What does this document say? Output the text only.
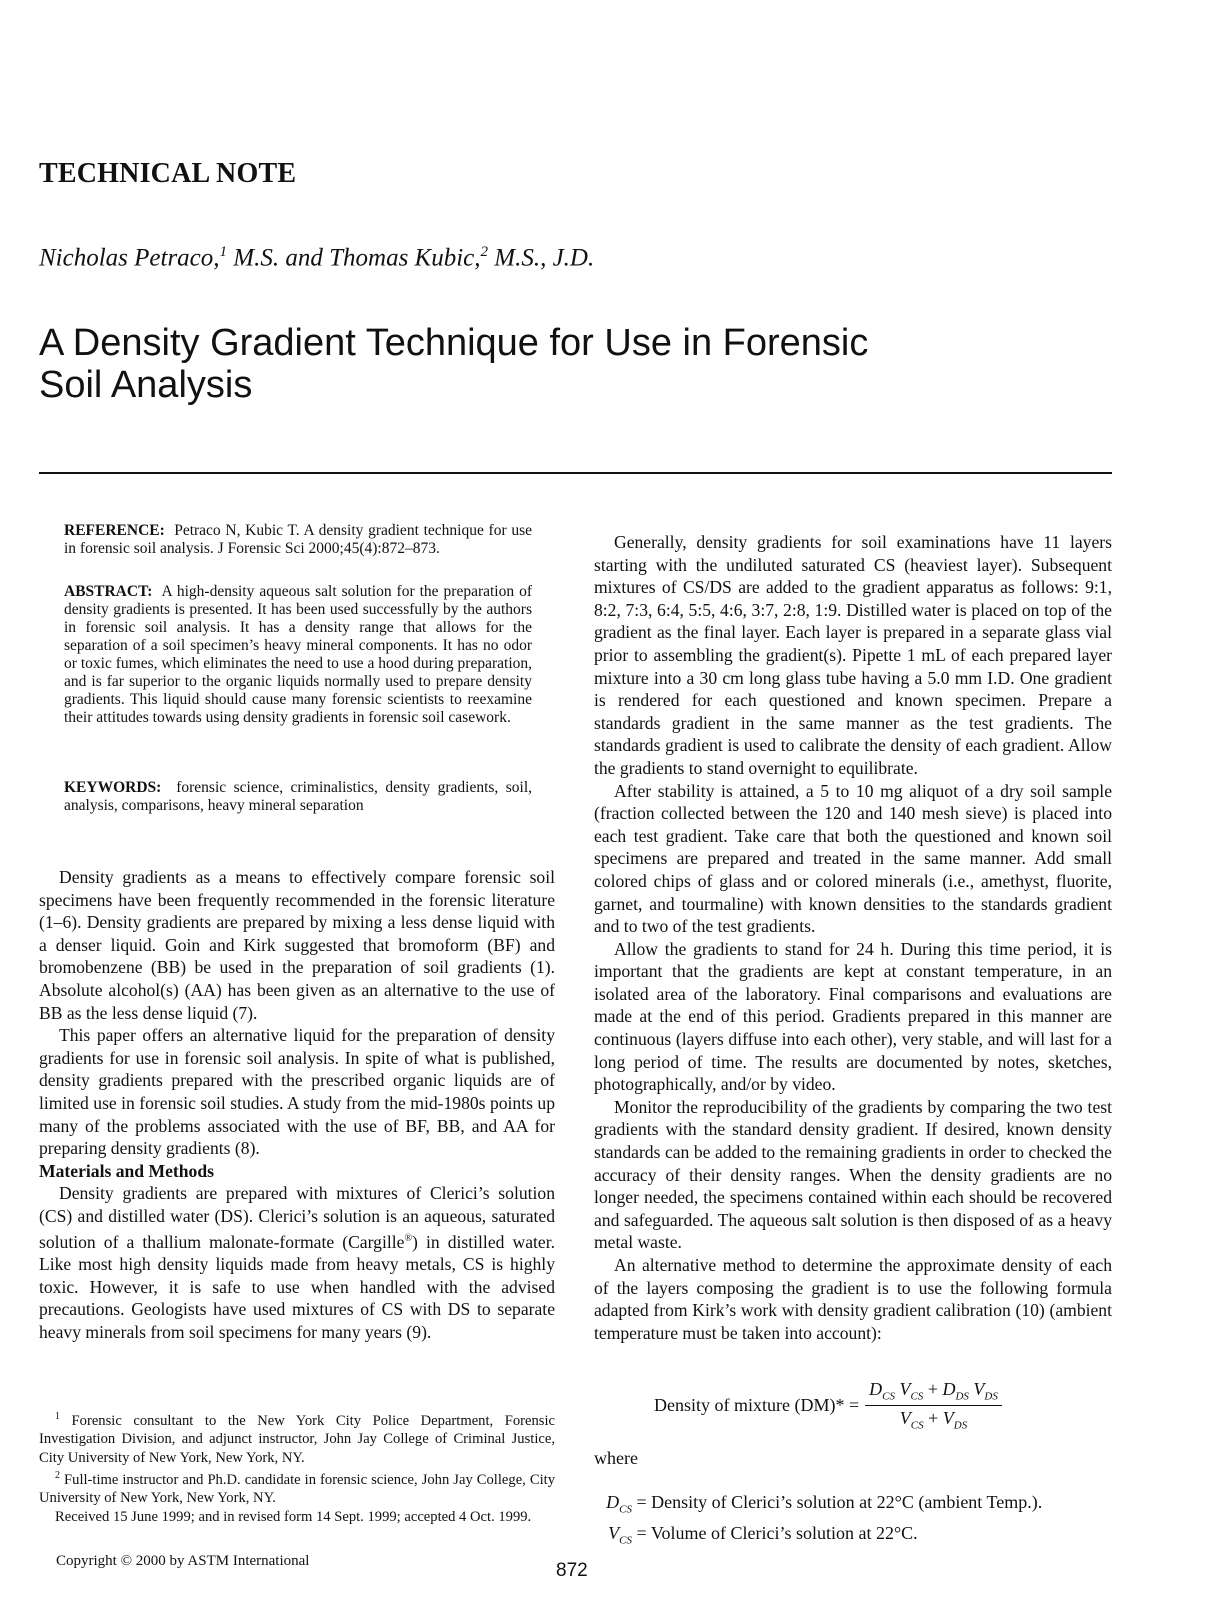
TECHNICAL NOTE
Nicholas Petraco,$^1$ M.S. and Thomas Kubic,$^2$ M.S., J.D.
A Density Gradient Technique for Use in Forensic
Soil Analysis
REFERENCE: Petraco N, Kubic T. A density gradient technique for use in forensic soil analysis. J Forensic Sci 2000;45(4):872–873.
ABSTRACT: A high-density aqueous salt solution for the preparation of density gradients is presented. It has been used successfully by the authors in forensic soil analysis. It has a density range that allows for the separation of a soil specimen’s heavy mineral components. It has no odor or toxic fumes, which eliminates the need to use a hood during preparation, and is far superior to the organic liquids normally used to prepare density gradients. This liquid should cause many forensic scientists to reexamine their attitudes towards using density gradients in forensic soil casework.
KEYWORDS: forensic science, criminalistics, density gradients, soil, analysis, comparisons, heavy mineral separation

Density gradients as a means to effectively compare forensic soil specimens have been frequently recommended in the forensic literature (1–6). Density gradients are prepared by mixing a less dense liquid with a denser liquid. Goin and Kirk suggested that bromoform (BF) and bromobenzene (BB) be used in the preparation of soil gradients (1). Absolute alcohol(s) (AA) has been given as an alternative to the use of BB as the less dense liquid (7).

This paper offers an alternative liquid for the preparation of density gradients for use in forensic soil analysis. In spite of what is published, density gradients prepared with the prescribed organic liquids are of limited use in forensic soil studies. A study from the mid-1980s points up many of the problems associated with the use of BF, BB, and AA for preparing density gradients (8).

Materials and Methods

Density gradients are prepared with mixtures of Clerici’s solution (CS) and distilled water (DS). Clerici’s solution is an aqueous, saturated solution of a thallium malonate-formate (Cargille®) in distilled water. Like most high density liquids made from heavy metals, CS is highly toxic. However, it is safe to use when handled with the advised precautions. Geologists have used mixtures of CS with DS to separate heavy minerals from soil specimens for many years (9).

$^1$ Forensic consultant to the New York City Police Department, Forensic Investigation Division, and adjunct instructor, John Jay College of Criminal Justice, City University of New York, New York, NY.

$^2$ Full-time instructor and Ph.D. candidate in forensic science, John Jay College, City University of New York, New York, NY.

Received 15 June 1999; and in revised form 14 Sept. 1999; accepted 4 Oct. 1999.

Generally, density gradients for soil examinations have 11 layers starting with the undiluted saturated CS (heaviest layer). Subsequent mixtures of CS/DS are added to the gradient apparatus as follows: 9:1, 8:2, 7:3, 6:4, 5:5, 4:6, 3:7, 2:8, 1:9. Distilled water is placed on top of the gradient as the final layer. Each layer is prepared in a separate glass vial prior to assembling the gradient(s). Pipette 1 mL of each prepared layer mixture into a 30 cm long glass tube having a 5.0 mm I.D. One gradient is rendered for each questioned and known specimen. Prepare a standards gradient in the same manner as the test gradients. The standards gradient is used to calibrate the density of each gradient. Allow the gradients to stand overnight to equilibrate.

After stability is attained, a 5 to 10 mg aliquot of a dry soil sample (fraction collected between the 120 and 140 mesh sieve) is placed into each test gradient. Take care that both the questioned and known soil specimens are prepared and treated in the same manner. Add small colored chips of glass and or colored minerals (i.e., amethyst, fluorite, garnet, and tourmaline) with known densities to the standards gradient and to two of the test gradients.

Allow the gradients to stand for 24 h. During this time period, it is important that the gradients are kept at constant temperature, in an isolated area of the laboratory. Final comparisons and evaluations are made at the end of this period. Gradients prepared in this manner are continuous (layers diffuse into each other), very stable, and will last for a long period of time. The results are documented by notes, sketches, photographically, and/or by video.

Monitor the reproducibility of the gradients by comparing the two test gradients with the standard density gradient. If desired, known density standards can be added to the remaining gradients in order to checked the accuracy of their density ranges. When the density gradients are no longer needed, the specimens contained within each should be recovered and safeguarded. The aqueous salt solution is then disposed of as a heavy metal waste.

An alternative method to determine the approximate density of each of the layers composing the gradient is to use the following formula adapted from Kirk’s work with density gradient calibration (10) (ambient temperature must be taken into account):

Density of mixture $(DM)* = \frac{D_{CS} V_{CS} + D_{DS} V_{DS}}{V_{CS} + V_{DS}}$
where
$D_{CS}$
= Density of Clerici’s solution at 22°C (ambient Temp.).
$V_{CS}$
= Volume of Clerici’s solution at 22°C.
Copyright © 2000 by ASTM International	872
